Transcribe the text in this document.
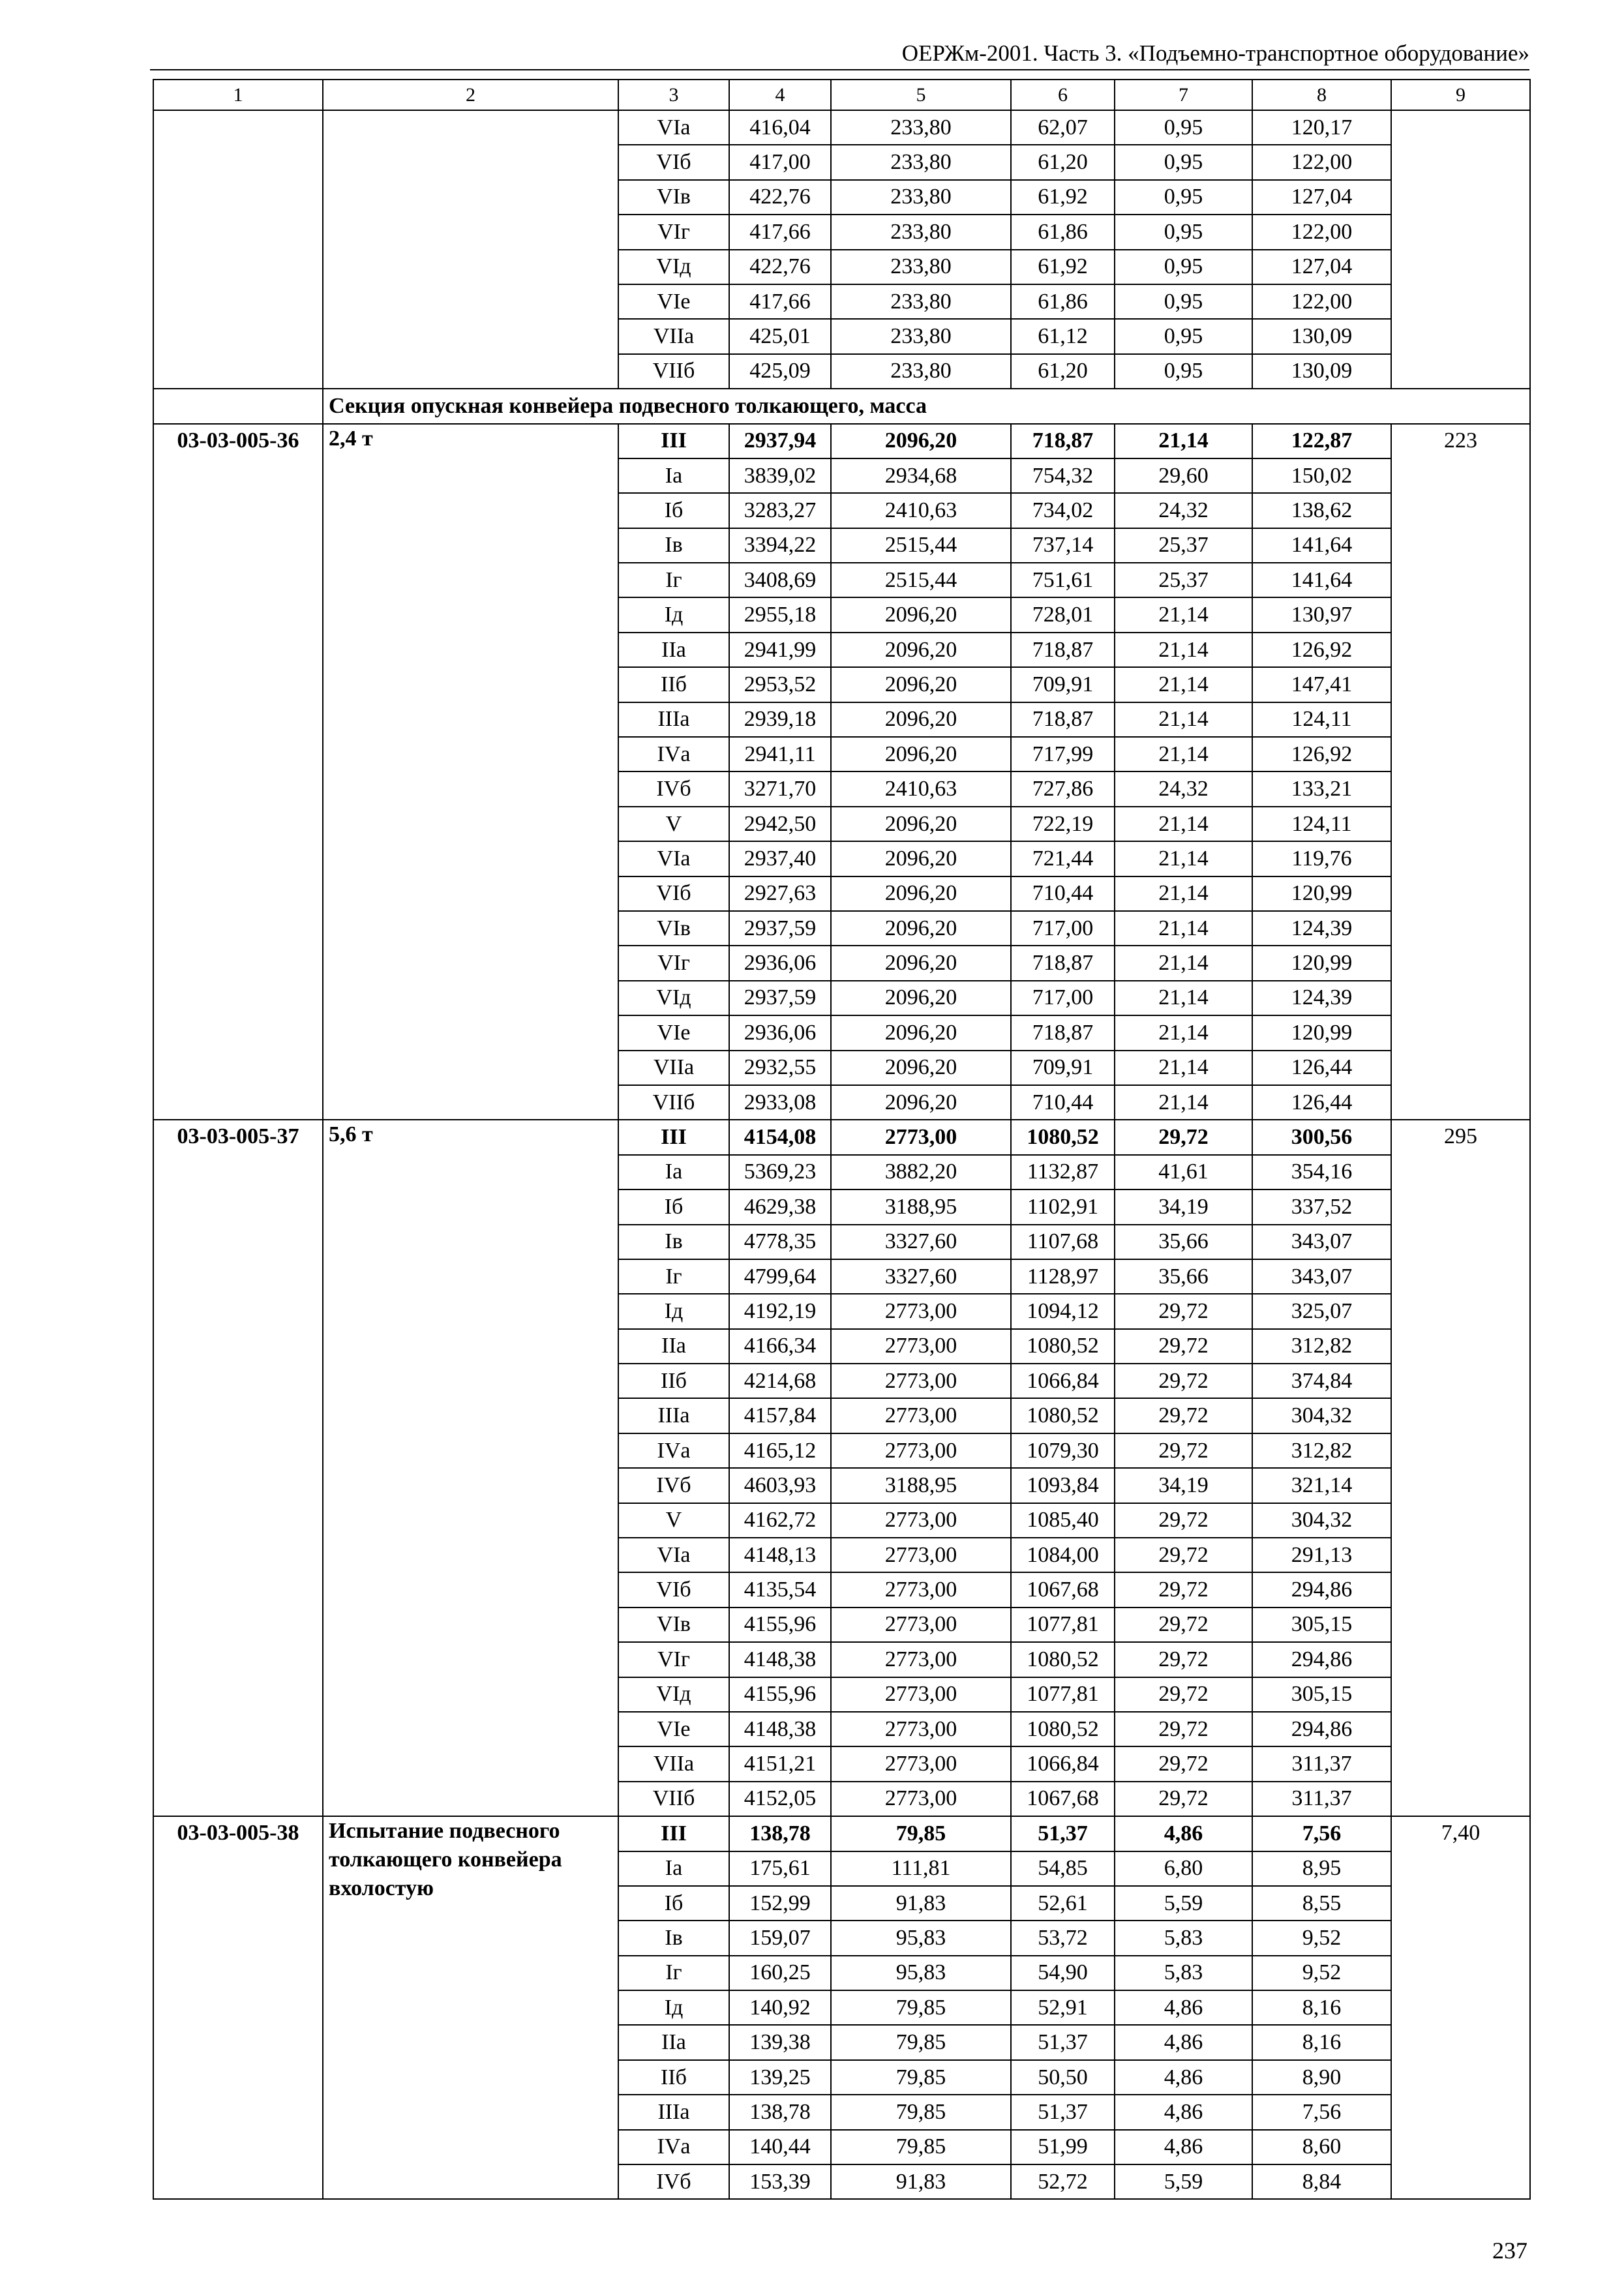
ОЕРЖм-2001. Часть 3. «Подъемно-транспортное оборудование»
1	2	3	4	5	6	7	8	9
		VIа	416,04	233,80	62,07	0,95	120,17	
		VIб	417,00	233,80	61,20	0,95	122,00	
		VIв	422,76	233,80	61,92	0,95	127,04	
		VIг	417,66	233,80	61,86	0,95	122,00	
		VIд	422,76	233,80	61,92	0,95	127,04	
		VIе	417,66	233,80	61,86	0,95	122,00	
		VIIа	425,01	233,80	61,12	0,95	130,09	
		VIIб	425,09	233,80	61,20	0,95	130,09	
	Секция опускная конвейера подвесного толкающего, масса							
03-03-005-36	2,4 т	III	2937,94	2096,20	718,87	21,14	122,87	223
		Iа	3839,02	2934,68	754,32	29,60	150,02	
		Iб	3283,27	2410,63	734,02	24,32	138,62	
		Iв	3394,22	2515,44	737,14	25,37	141,64	
		Iг	3408,69	2515,44	751,61	25,37	141,64	
		Iд	2955,18	2096,20	728,01	21,14	130,97	
		IIа	2941,99	2096,20	718,87	21,14	126,92	
		IIб	2953,52	2096,20	709,91	21,14	147,41	
		IIIа	2939,18	2096,20	718,87	21,14	124,11	
		IVа	2941,11	2096,20	717,99	21,14	126,92	
		IVб	3271,70	2410,63	727,86	24,32	133,21	
		V	2942,50	2096,20	722,19	21,14	124,11	
		VIа	2937,40	2096,20	721,44	21,14	119,76	
		VIб	2927,63	2096,20	710,44	21,14	120,99	
		VIв	2937,59	2096,20	717,00	21,14	124,39	
		VIг	2936,06	2096,20	718,87	21,14	120,99	
		VIд	2937,59	2096,20	717,00	21,14	124,39	
		VIе	2936,06	2096,20	718,87	21,14	120,99	
		VIIа	2932,55	2096,20	709,91	21,14	126,44	
		VIIб	2933,08	2096,20	710,44	21,14	126,44	
03-03-005-37	5,6 т	III	4154,08	2773,00	1080,52	29,72	300,56	295
		Iа	5369,23	3882,20	1132,87	41,61	354,16	
		Iб	4629,38	3188,95	1102,91	34,19	337,52	
		Iв	4778,35	3327,60	1107,68	35,66	343,07	
		Iг	4799,64	3327,60	1128,97	35,66	343,07	
		Iд	4192,19	2773,00	1094,12	29,72	325,07	
		IIа	4166,34	2773,00	1080,52	29,72	312,82	
		IIб	4214,68	2773,00	1066,84	29,72	374,84	
		IIIа	4157,84	2773,00	1080,52	29,72	304,32	
		IVа	4165,12	2773,00	1079,30	29,72	312,82	
		IVб	4603,93	3188,95	1093,84	34,19	321,14	
		V	4162,72	2773,00	1085,40	29,72	304,32	
		VIа	4148,13	2773,00	1084,00	29,72	291,13	
		VIб	4135,54	2773,00	1067,68	29,72	294,86	
		VIв	4155,96	2773,00	1077,81	29,72	305,15	
		VIг	4148,38	2773,00	1080,52	29,72	294,86	
		VIд	4155,96	2773,00	1077,81	29,72	305,15	
		VIе	4148,38	2773,00	1080,52	29,72	294,86	
		VIIа	4151,21	2773,00	1066,84	29,72	311,37	
		VIIб	4152,05	2773,00	1067,68	29,72	311,37	
03-03-005-38	Испытание подвесного толкающего конвейера вхолостую	III	138,78	79,85	51,37	4,86	7,56	7,40
		Iа	175,61	111,81	54,85	6,80	8,95	
		Iб	152,99	91,83	52,61	5,59	8,55	
		Iв	159,07	95,83	53,72	5,83	9,52	
		Iг	160,25	95,83	54,90	5,83	9,52	
		Iд	140,92	79,85	52,91	4,86	8,16	
		IIа	139,38	79,85	51,37	4,86	8,16	
		IIб	139,25	79,85	50,50	4,86	8,90	
		IIIа	138,78	79,85	51,37	4,86	7,56	
		IVа	140,44	79,85	51,99	4,86	8,60	
		IVб	153,39	91,83	52,72	5,59	8,84	
237
